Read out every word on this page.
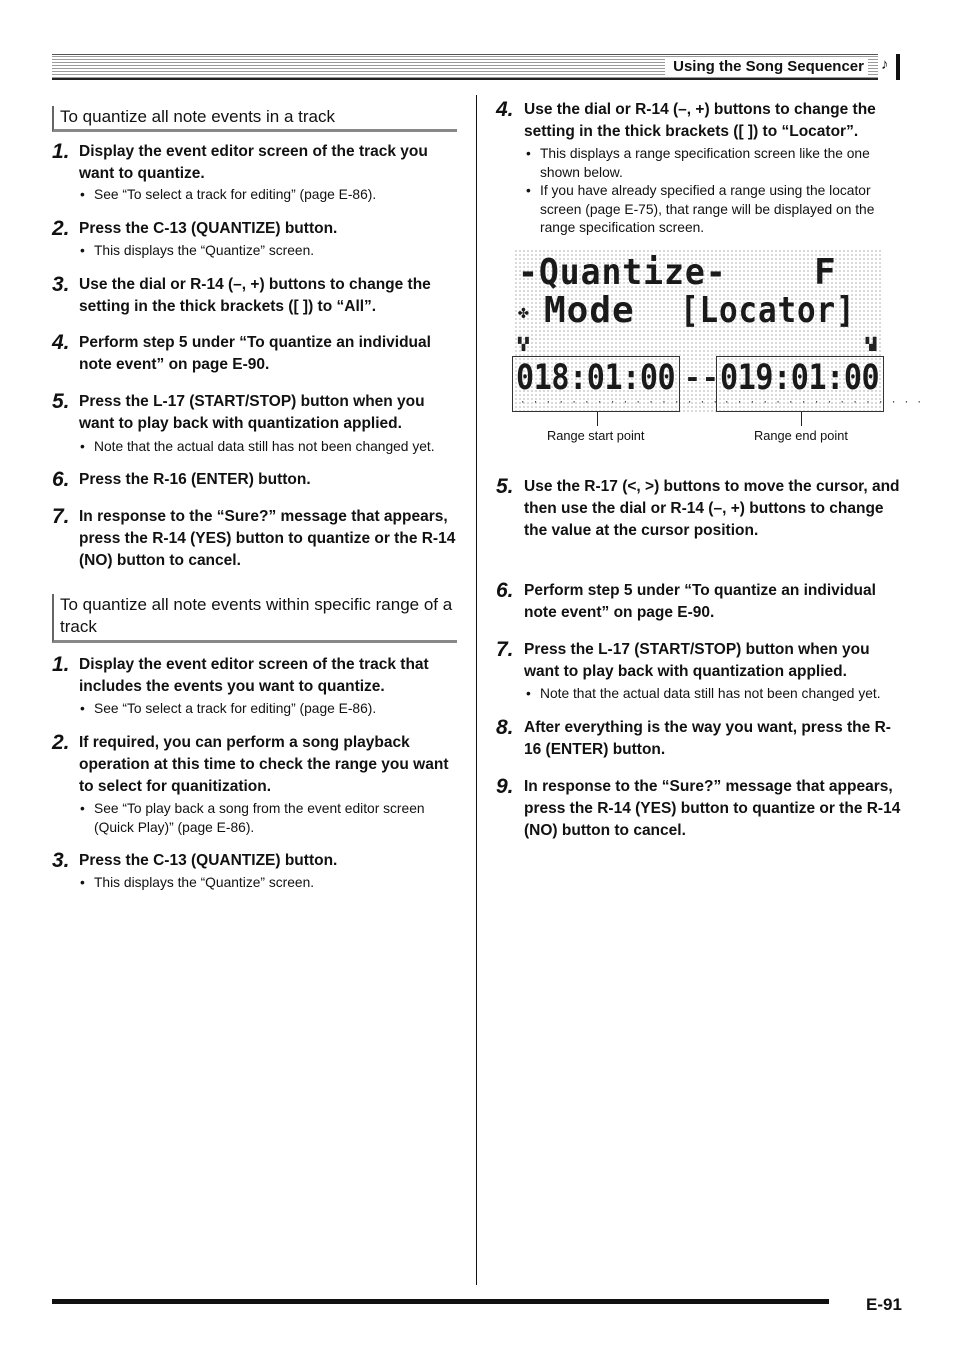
Using the Song Sequencer ♪
To quantize all note events in a track
1. Display the event editor screen of the track you want to quantize.
• See “To select a track for editing” (page E-86).
2. Press the C-13 (QUANTIZE) button.
• This displays the “Quantize” screen.
3. Use the dial or R-14 (–, +) buttons to change the setting in the thick brackets ([ ]) to “All”.
4. Perform step 5 under “To quantize an individual note event” on page E-90.
5. Press the L-17 (START/STOP) button when you want to play back with quantization applied.
• Note that the actual data still has not been changed yet.
6. Press the R-16 (ENTER) button.
7. In response to the “Sure?” message that appears, press the R-14 (YES) button to quantize or the R-14 (NO) button to cancel.
To quantize all note events within specific range of a track
1. Display the event editor screen of the track that includes the events you want to quantize.
• See “To select a track for editing” (page E-86).
2. If required, you can perform a song playback operation at this time to check the range you want to select for quanitization.
• See “To play back a song from the event editor screen (Quick Play)” (page E-86).
3. Press the C-13 (QUANTIZE) button.
• This displays the “Quantize” screen.
4. Use the dial or R-14 (–, +) buttons to change the setting in the thick brackets ([ ]) to “Locator”.
• This displays a range specification screen like the one shown below.
• If you have already specified a range using the locator screen (page E-75), that range will be displayed on the range specification screen.
-Quantize- F
✤ Mode [Locator]
▚▘	▝▟
018:01:00 -- 019:01:00
· · · · · · · · · · · · · · · · · · · · · · · · · · · · · · · ·
Range start point	Range end point
5. Use the R-17 (<, >) buttons to move the cursor, and then use the dial or R-14 (–, +) buttons to change the value at the cursor position.
6. Perform step 5 under “To quantize an individual note event” on page E-90.
7. Press the L-17 (START/STOP) button when you want to play back with quantization applied.
• Note that the actual data still has not been changed yet.
8. After everything is the way you want, press the R-16 (ENTER) button.
9. In response to the “Sure?” message that appears, press the R-14 (YES) button to quantize or the R-14 (NO) button to cancel.
E-91
